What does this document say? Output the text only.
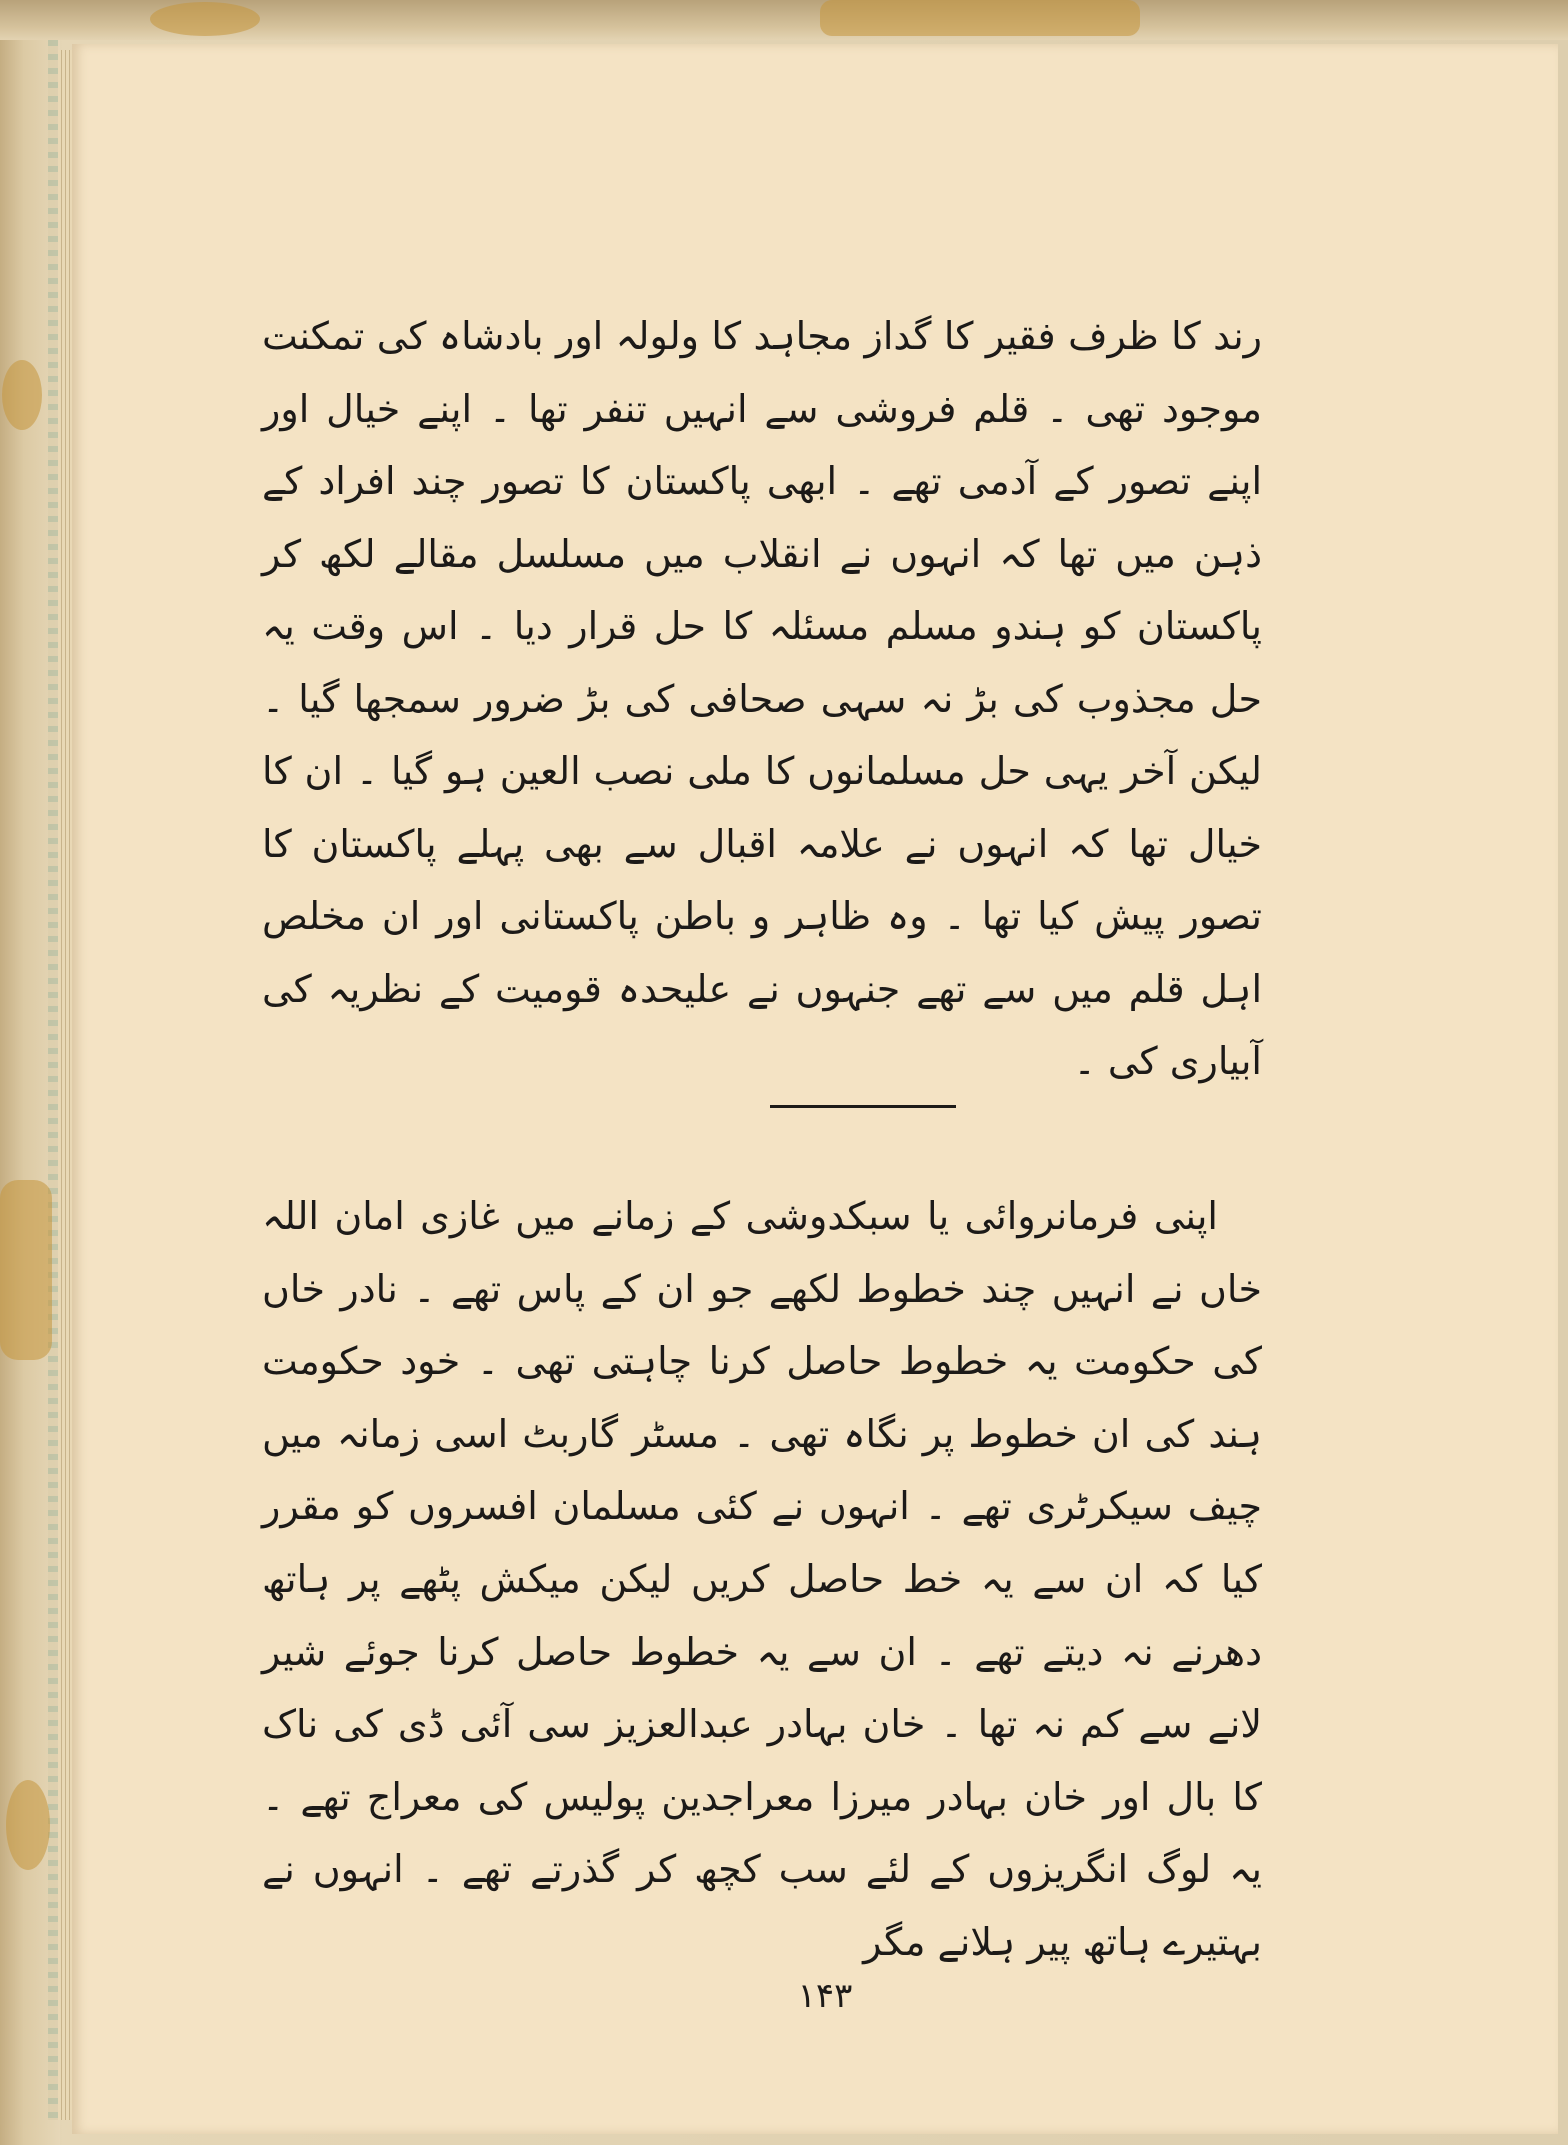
رند کا ظرف فقیر کا گداز مجاہد کا ولولہ اور بادشاہ کی تمکنت موجود تھی ۔ قلم فروشی سے انہیں تنفر تھا ۔ اپنے خیال اور اپنے تصور کے آدمی تھے ۔ ابھی پاکستان کا تصور چند افراد کے ذہن میں تھا کہ انہوں نے انقلاب میں مسلسل مقالے لکھ کر پاکستان کو ہندو مسلم مسئلہ کا حل قرار دیا ۔ اس وقت یہ حل مجذوب کی بڑ نہ سہی صحافی کی بڑ ضرور سمجھا گیا ۔ لیکن آخر یہی حل مسلمانوں کا ملی نصب العین ہو گیا ۔ ان کا خیال تھا کہ انہوں نے علامہ اقبال سے بھی پہلے پاکستان کا تصور پیش کیا تھا ۔ وہ ظاہر و باطن پاکستانی اور ان مخلص اہل قلم میں سے تھے جنہوں نے علیحدہ قومیت کے نظریہ کی آبیاری کی ۔

اپنی فرمانروائی یا سبکدوشی کے زمانے میں غازی امان اللہ خاں نے انہیں چند خطوط لکھے جو ان کے پاس تھے ۔ نادر خاں کی حکومت یہ خطوط حاصل کرنا چاہتی تھی ۔ خود حکومت ہند کی ان خطوط پر نگاہ تھی ۔ مسٹر گاربٹ اسی زمانہ میں چیف سیکرٹری تھے ۔ انہوں نے کئی مسلمان افسروں کو مقرر کیا کہ ان سے یہ خط حاصل کریں لیکن میکش پٹھے پر ہاتھ دھرنے نہ دیتے تھے ۔ ان سے یہ خطوط حاصل کرنا جوئے شیر لانے سے کم نہ تھا ۔ خان بہادر عبدالعزیز سی آئی ڈی کی ناک کا بال اور خان بہادر میرزا معراجدین پولیس کی معراج تھے ۔ یہ لوگ انگریزوں کے لئے سب کچھ کر گذرتے تھے ۔ انہوں نے بہتیرے ہاتھ پیر ہلانے مگر

۱۴۳
